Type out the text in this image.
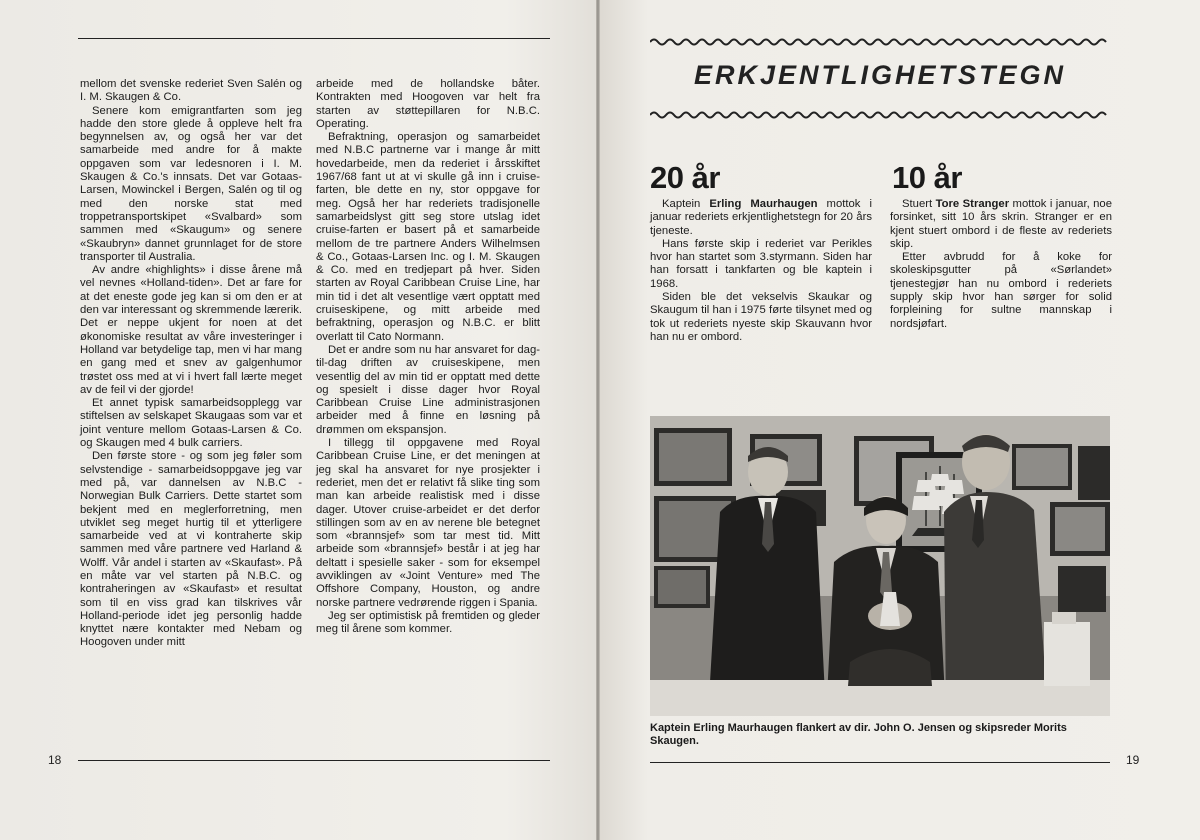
mellom det svenske rederiet Sven Salén og I. M. Skaugen & Co.

Senere kom emigrantfarten som jeg hadde den store glede å oppleve helt fra begynnelsen av, og også her var det samarbeide med andre for å makte oppgaven som var ledesnoren i I. M. Skaugen & Co.'s innsats. Det var Gotaas-Larsen, Mowinckel i Bergen, Salén og til og med den norske stat med troppetransportskipet «Svalbard» som sammen med «Skaugum» og senere «Skaubryn» dannet grunnlaget for de store transporter til Australia.

Av andre «highlights» i disse årene må vel nevnes «Holland-tiden». Det ar fare for at det eneste gode jeg kan si om den er at den var interessant og skremmende lærerik. Det er neppe ukjent for noen at det økonomiske resultat av våre investeringer i Holland var betydelige tap, men vi har mang en gang med et snev av galgenhumor trøstet oss med at vi i hvert fall lærte meget av de feil vi der gjorde!

Et annet typisk samarbeidsopplegg var stiftelsen av selskapet Skaugaas som var et joint venture mellom Gotaas-Larsen & Co. og Skaugen med 4 bulk carriers.

Den første store - og som jeg føler som selvstendige - samarbeidsoppgave jeg var med på, var dannelsen av N.B.C - Norwegian Bulk Carriers. Dette startet som bekjent med en meglerforretning, men utviklet seg meget hurtig til et ytterligere samarbeide ved at vi kontraherte skip sammen med våre partnere ved Harland & Wolff. Vår andel i starten av «Skaufast». På en måte var vel starten på N.B.C. og kontraheringen av «Skaufast» et resultat som til en viss grad kan tilskrives vår Holland-periode idet jeg personlig hadde knyttet nære kontakter med Nebam og Hoogoven under mitt

arbeide med de hollandske båter. Kontrakten med Hoogoven var helt fra starten av støttepillaren for N.B.C. Operating.

Befraktning, operasjon og samarbeidet med N.B.C partnerne var i mange år mitt hovedarbeide, men da rederiet i årsskiftet 1967/68 fant ut at vi skulle gå inn i cruise-farten, ble dette en ny, stor oppgave for meg. Også her har rederiets tradisjonelle samarbeidslyst gitt seg store utslag idet cruise-farten er basert på et samarbeide mellom de tre partnere Anders Wilhelmsen & Co., Gotaas-Larsen Inc. og I. M. Skaugen & Co. med en tredjepart på hver. Siden starten av Royal Caribbean Cruise Line, har min tid i det alt vesentlige vært opptatt med cruiseskipene, og mitt arbeide med befraktning, operasjon og N.B.C. er blitt overlatt til Cato Normann.

Det er andre som nu har ansvaret for dag-til-dag driften av cruiseskipene, men vesentlig del av min tid er opptatt med dette og spesielt i disse dager hvor Royal Caribbean Cruise Line administrasjonen arbeider med å finne en løsning på drømmen om ekspansjon.

I tillegg til oppgavene med Royal Caribbean Cruise Line, er det meningen at jeg skal ha ansvaret for nye prosjekter i rederiet, men det er relativt få slike ting som man kan arbeide realistisk med i disse dager. Utover cruise-arbeidet er det derfor stillingen som av en av nerene ble betegnet som «brannsjef» som tar mest tid. Mitt arbeide som «brannsjef» består i at jeg har deltatt i spesielle saker - som for eksempel avviklingen av «Joint Venture» med The Offshore Company, Houston, og andre norske partnere vedrørende riggen i Spania.

Jeg ser optimistisk på fremtiden og gleder meg til årene som kommer.

18
ERKJENTLIGHETSTEGN
20 år	10 år

Kaptein Erling Maurhaugen mottok i januar rederiets erkjentlighetstegn for 20 års tjeneste.

Hans første skip i rederiet var Perikles hvor han startet som 3.styrmann. Siden har han forsatt i tankfarten og ble kaptein i 1968.

Siden ble det vekselvis Skaukar og Skaugum til han i 1975 førte tilsynet med og tok ut rederiets nyeste skip Skauvann hvor han nu er ombord.

Stuert Tore Stranger mottok i januar, noe forsinket, sitt 10 års skrin. Stranger er en kjent stuert ombord i de fleste av rederiets skip.

Etter avbrudd for å koke for skoleskipsgutter på «Sørlandet» tjenestegjør han nu ombord i rederiets supply skip hvor han sørger for solid forpleining for sultne mannskap i nordsjøfart.

Kaptein Erling Maurhaugen flankert av dir. John O. Jensen og skipsreder Morits Skaugen.
19
